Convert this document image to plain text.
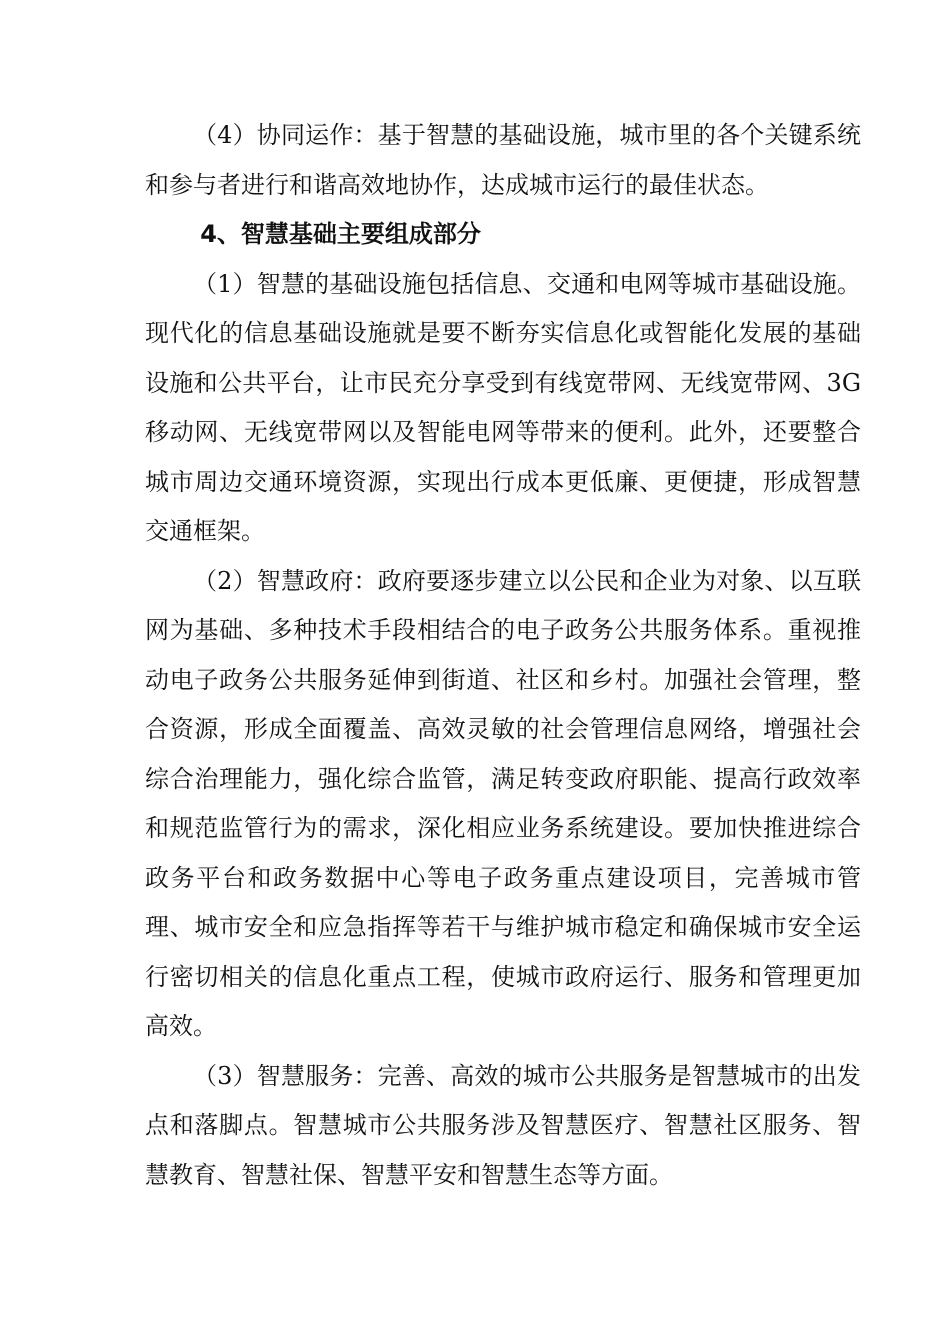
（4）协同运作：基于智慧的基础设施，城市里的各个关键系统和参与者进行和谐高效地协作，达成城市运行的最佳状态。

4、智慧基础主要组成部分

（1）智慧的基础设施包括信息、交通和电网等城市基础设施。现代化的信息基础设施就是要不断夯实信息化或智能化发展的基础设施和公共平台，让市民充分享受到有线宽带网、无线宽带网、3G移动网、无线宽带网以及智能电网等带来的便利。此外，还要整合城市周边交通环境资源，实现出行成本更低廉、更便捷，形成智慧交通框架。

（2）智慧政府：政府要逐步建立以公民和企业为对象、以互联网为基础、多种技术手段相结合的电子政务公共服务体系。重视推动电子政务公共服务延伸到街道、社区和乡村。加强社会管理，整合资源，形成全面覆盖、高效灵敏的社会管理信息网络，增强社会综合治理能力，强化综合监管，满足转变政府职能、提高行政效率和规范监管行为的需求，深化相应业务系统建设。要加快推进综合政务平台和政务数据中心等电子政务重点建设项目，完善城市管理、城市安全和应急指挥等若干与维护城市稳定和确保城市安全运行密切相关的信息化重点工程，使城市政府运行、服务和管理更加高效。

（3）智慧服务：完善、高效的城市公共服务是智慧城市的出发点和落脚点。智慧城市公共服务涉及智慧医疗、智慧社区服务、智慧教育、智慧社保、智慧平安和智慧生态等方面。
